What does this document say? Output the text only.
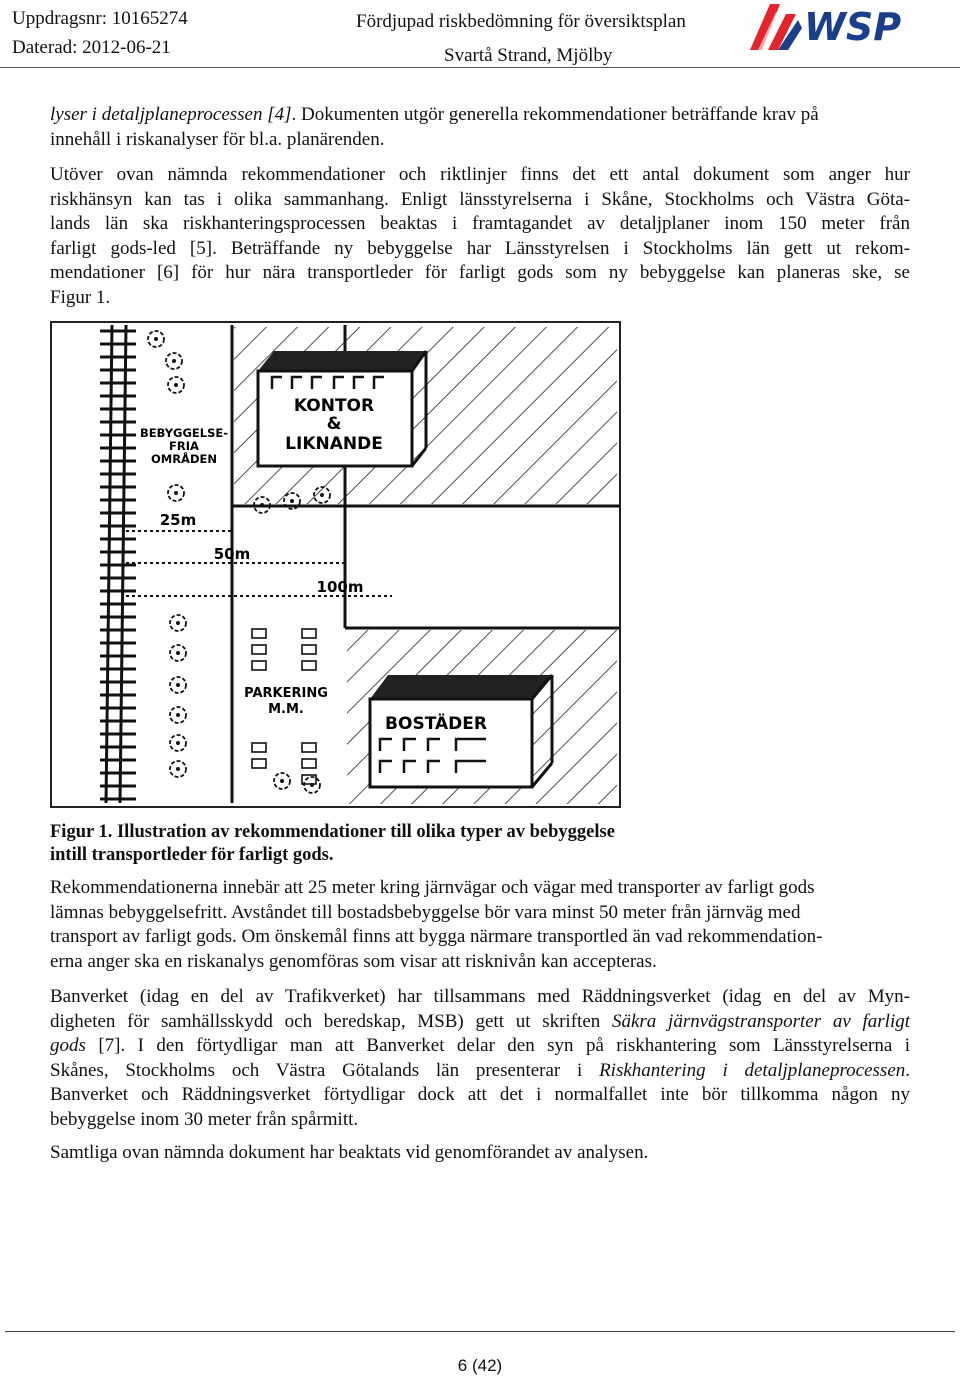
Uppdragsnr: 10165274
Daterad: 2012-06-21
Fördjupad riskbedömning för översiktsplan
Svartå Strand, Mjölby
WSP

lyser i detaljplaneprocessen [4]. Dokumenten utgör generella rekommendationer beträffande krav på
innehåll i riskanalyser för bl.a. planärenden.

Utöver ovan nämnda rekommendationer och riktlinjer finns det ett antal dokument som anger hur
riskhänsyn kan tas i olika sammanhang. Enligt länsstyrelserna i Skåne, Stockholms och Västra Göta-
lands län ska riskhanteringsprocessen beaktas i framtagandet av detaljplaner inom 150 meter från
farligt gods-led [5]. Beträffande ny bebyggelse har Länsstyrelsen i Stockholms län gett ut rekom-
mendationer [6] för hur nära transportleder för farligt gods som ny bebyggelse kan planeras ske, se
Figur 1.

KONTOR
&
LIKNANDE
BOSTÄDER
PARKERING
M.M.
BEBYGGELSE-
FRIA
OMRÅDEN
25m
50m
100m
Figur 1. Illustration av rekommendationer till olika typer av bebyggelse
intill transportleder för farligt gods.

Rekommendationerna innebär att 25 meter kring järnvägar och vägar med transporter av farligt gods
lämnas bebyggelsefritt. Avståndet till bostadsbebyggelse bör vara minst 50 meter från järnväg med
transport av farligt gods. Om önskemål finns att bygga närmare transportled än vad rekommendation-
erna anger ska en riskanalys genomföras som visar att risknivån kan accepteras.

Banverket (idag en del av Trafikverket) har tillsammans med Räddningsverket (idag en del av Myn-
digheten för samhällsskydd och beredskap, MSB) gett ut skriften Säkra järnvägstransporter av farligt
gods [7]. I den förtydligar man att Banverket delar den syn på riskhantering som Länsstyrelserna i
Skånes, Stockholms och Västra Götalands län presenterar i Riskhantering i detaljplaneprocessen.
Banverket och Räddningsverket förtydligar dock att det i normalfallet inte bör tillkomma någon ny
bebyggelse inom 30 meter från spårmitt.

Samtliga ovan nämnda dokument har beaktats vid genomförandet av analysen.

6 (42)
